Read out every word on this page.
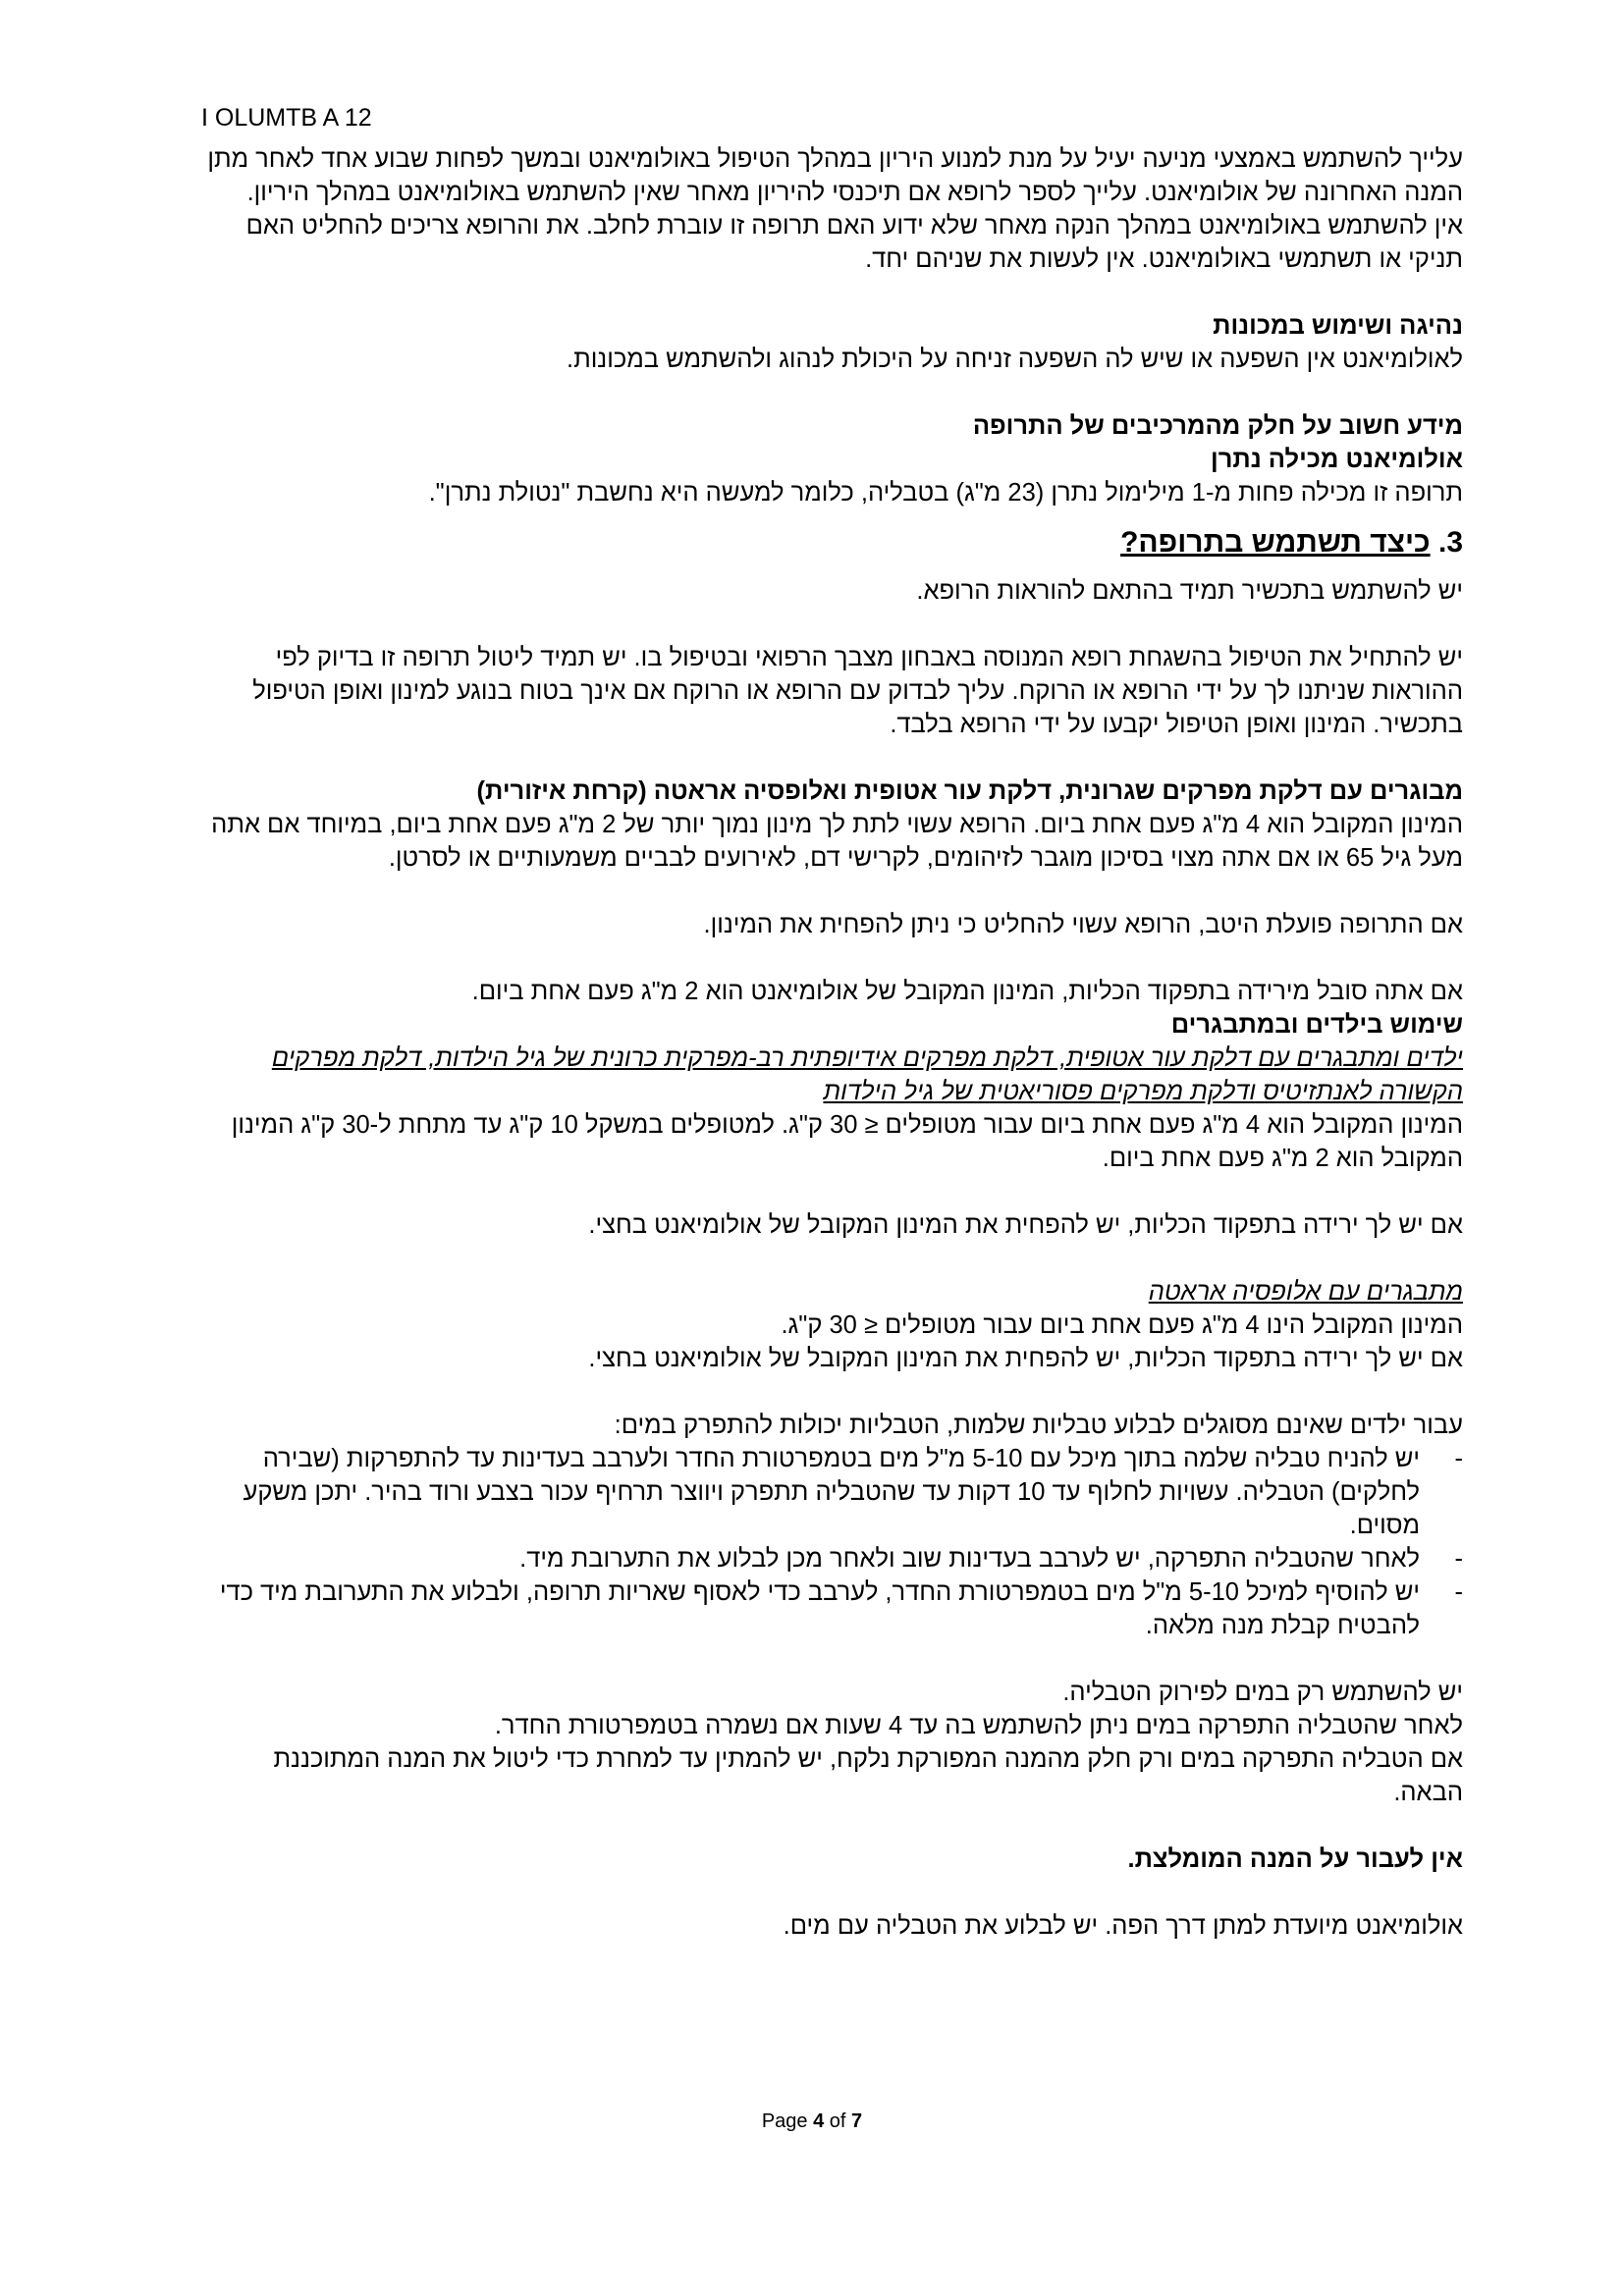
I OLUMTB A 12

עלייך להשתמש באמצעי מניעה יעיל על מנת למנוע היריון במהלך הטיפול באולומיאנט ובמשך לפחות שבוע אחד לאחר מתן המנה האחרונה של אולומיאנט. עלייך לספר לרופא אם תיכנסי להיריון מאחר שאין להשתמש באולומיאנט במהלך היריון.

אין להשתמש באולומיאנט במהלך הנקה מאחר שלא ידוע האם תרופה זו עוברת לחלב. את והרופא צריכים להחליט האם תניקי או תשתמשי באולומיאנט. אין לעשות את שניהם יחד.

נהיגה ושימוש במכונות

לאולומיאנט אין השפעה או שיש לה השפעה זניחה על היכולת לנהוג ולהשתמש במכונות.

מידע חשוב על חלק מהמרכיבים של התרופה

אולומיאנט מכילה נתרן

תרופה זו מכילה פחות מ-1 מילימול נתרן (23 מ"ג) בטבליה, כלומר למעשה היא נחשבת "נטולת נתרן".

3. כיצד תשתמש בתרופה?

יש להשתמש בתכשיר תמיד בהתאם להוראות הרופא.

יש להתחיל את הטיפול בהשגחת רופא המנוסה באבחון מצבך הרפואי ובטיפול בו. יש תמיד ליטול תרופה זו בדיוק לפי ההוראות שניתנו לך על ידי הרופא או הרוקח. עליך לבדוק עם הרופא או הרוקח אם אינך בטוח בנוגע למינון ואופן הטיפול בתכשיר. המינון ואופן הטיפול יקבעו על ידי הרופא בלבד.

מבוגרים עם דלקת מפרקים שגרונית, דלקת עור אטופית ואלופסיה אראטה (קרחת איזורית)

המינון המקובל הוא 4 מ"ג פעם אחת ביום. הרופא עשוי לתת לך מינון נמוך יותר של 2 מ"ג פעם אחת ביום, במיוחד אם אתה מעל גיל 65 או אם אתה מצוי בסיכון מוגבר לזיהומים, לקרישי דם, לאירועים לבביים משמעותיים או לסרטן.

אם התרופה פועלת היטב, הרופא עשוי להחליט כי ניתן להפחית את המינון.

אם אתה סובל מירידה בתפקוד הכליות, המינון המקובל של אולומיאנט הוא 2 מ"ג פעם אחת ביום.

שימוש בילדים ובמתבגרים

ילדים ומתבגרים עם דלקת עור אטופית, דלקת מפרקים אידיופתית רב-מפרקית כרונית של גיל הילדות, דלקת מפרקים הקשורה לאנתזיטיס ודלקת מפרקים פסוריאטית של גיל הילדות

המינון המקובל הוא 4 מ"ג פעם אחת ביום עבור מטופלים ≤ 30 ק"ג. למטופלים במשקל 10 ק"ג עד מתחת ל-30 ק"ג המינון המקובל הוא 2 מ"ג פעם אחת ביום.

אם יש לך ירידה בתפקוד הכליות, יש להפחית את המינון המקובל של אולומיאנט בחצי.

מתבגרים עם אלופסיה אראטה

המינון המקובל הינו 4 מ"ג פעם אחת ביום עבור מטופלים ≤ 30 ק"ג.

אם יש לך ירידה בתפקוד הכליות, יש להפחית את המינון המקובל של אולומיאנט בחצי.

עבור ילדים שאינם מסוגלים לבלוע טבליות שלמות, הטבליות יכולות להתפרק במים:

-
יש להניח טבליה שלמה בתוך מיכל עם 5-10 מ"ל מים בטמפרטורת החדר ולערבב בעדינות עד להתפרקות (שבירה לחלקים) הטבליה. עשויות לחלוף עד 10 דקות עד שהטבליה תתפרק ויווצר תרחיף עכור בצבע ורוד בהיר. יתכן משקע מסוים.
-
לאחר שהטבליה התפרקה, יש לערבב בעדינות שוב ולאחר מכן לבלוע את התערובת מיד.
-
יש להוסיף למיכל 5-10 מ"ל מים בטמפרטורת החדר, לערבב כדי לאסוף שאריות תרופה, ולבלוע את התערובת מיד כדי להבטיח קבלת מנה מלאה.

יש להשתמש רק במים לפירוק הטבליה.

לאחר שהטבליה התפרקה במים ניתן להשתמש בה עד 4 שעות אם נשמרה בטמפרטורת החדר.

אם הטבליה התפרקה במים ורק חלק מהמנה המפורקת נלקח, יש להמתין עד למחרת כדי ליטול את המנה המתוכננת הבאה.

אין לעבור על המנה המומלצת.

אולומיאנט מיועדת למתן דרך הפה. יש לבלוע את הטבליה עם מים.

Page 4 of 7
